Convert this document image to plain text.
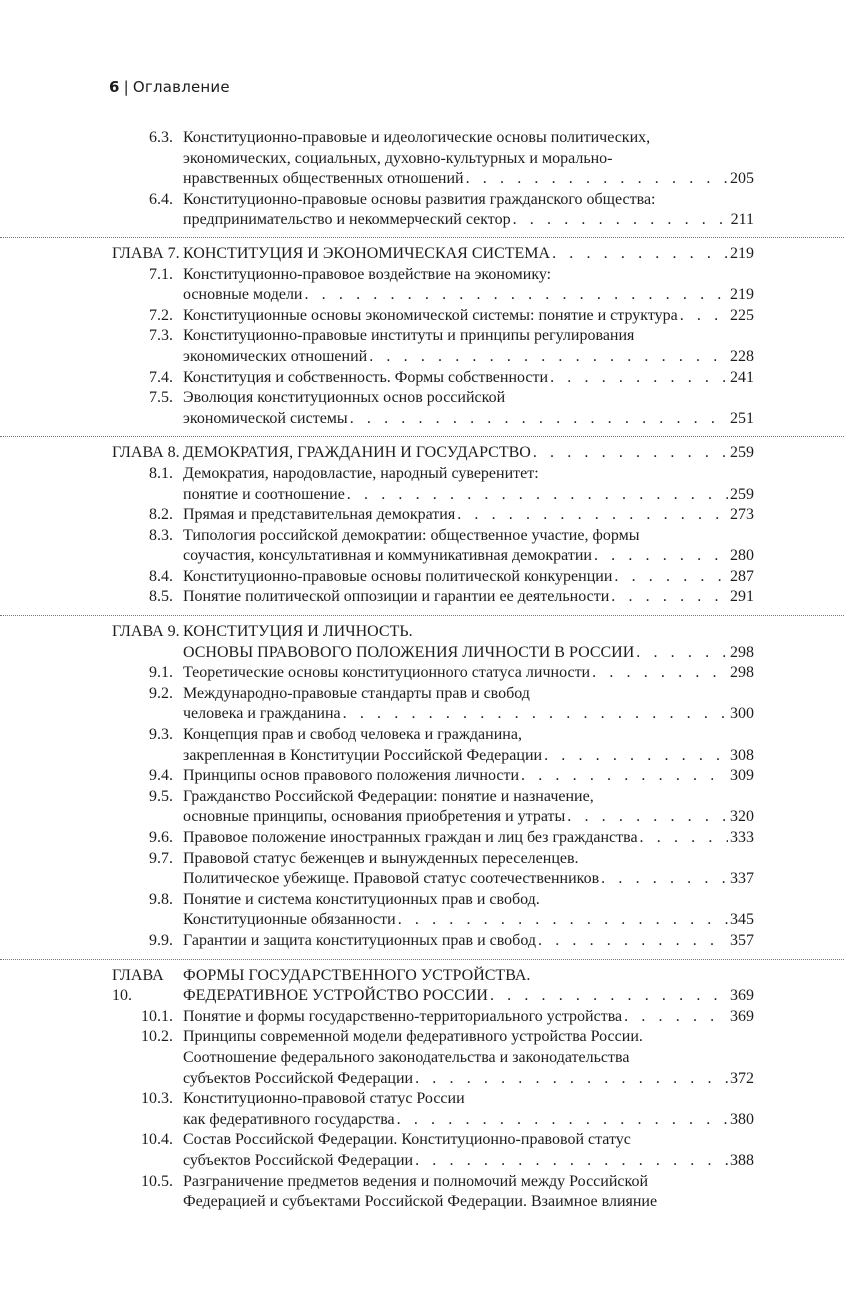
6 | Оглавление
6.3. Конституционно-правовые и идеологические основы политических,
экономических, социальных, духовно-культурных и морально-
нравственных общественных отношений . . .	205
6.4. Конституционно-правовые основы развития гражданского общества:
предпринимательство и некоммерческий сектор . . .	211
ГЛАВА 7. КОНСТИТУЦИЯ И ЭКОНОМИЧЕСКАЯ СИСТЕМА . . .	219
7.1. Конституционно-правовое воздействие на экономику:
основные модели . . .	219
7.2. Конституционные основы экономической системы: понятие и структура . . .	225
7.3. Конституционно-правовые институты и принципы регулирования
экономических отношений . . .	228
7.4. Конституция и собственность. Формы собственности . . .	241
7.5. Эволюция конституционных основ российской
экономической системы . . .	251
ГЛАВА 8. ДЕМОКРАТИЯ, ГРАЖДАНИН И ГОСУДАРСТВО . . .	259
8.1. Демократия, народовластие, народный суверенитет:
понятие и соотношение . . .	259
8.2. Прямая и представительная демократия . . .	273
8.3. Типология российской демократии: общественное участие, формы
соучастия, консультативная и коммуникативная демократии . . .	280
8.4. Конституционно-правовые основы политической конкуренции . . .	287
8.5. Понятие политической оппозиции и гарантии ее деятельности . . .	291
ГЛАВА 9. КОНСТИТУЦИЯ И ЛИЧНОСТЬ.
ОСНОВЫ ПРАВОВОГО ПОЛОЖЕНИЯ ЛИЧНОСТИ В РОССИИ . . .	298
9.1. Теоретические основы конституционного статуса личности . . .	298
9.2. Международно-правовые стандарты прав и свобод
человека и гражданина . . .	300
9.3. Концепция прав и свобод человека и гражданина,
закрепленная в Конституции Российской Федерации . . .	308
9.4. Принципы основ правового положения личности . . .	309
9.5. Гражданство Российской Федерации: понятие и назначение,
основные принципы, основания приобретения и утраты . . .	320
9.6. Правовое положение иностранных граждан и лиц без гражданства . . .	333
9.7. Правовой статус беженцев и вынужденных переселенцев.
Политическое убежище. Правовой статус соотечественников . . .	337
9.8. Понятие и система конституционных прав и свобод.
Конституционные обязанности . . .	345
9.9. Гарантии и защита конституционных прав и свобод . . .	357
ГЛАВА 10.
ФОРМЫ ГОСУДАРСТВЕННОГО УСТРОЙСТВА.
ФЕДЕРАТИВНОЕ УСТРОЙСТВО РОССИИ . . .	369
10.1. Понятие и формы государственно-территориального устройства . . .	369
10.2. Принципы современной модели федеративного устройства России.
Соотношение федерального законодательства и законодательства
субъектов Российской Федерации . . .	372
10.3. Конституционно-правовой статус России
как федеративного государства . . .	380
10.4. Состав Российской Федерации. Конституционно-правовой статус
субъектов Российской Федерации . . .	388
10.5. Разграничение предметов ведения и полномочий между Российской
Федерацией и субъектами Российской Федерации. Взаимное влияние
